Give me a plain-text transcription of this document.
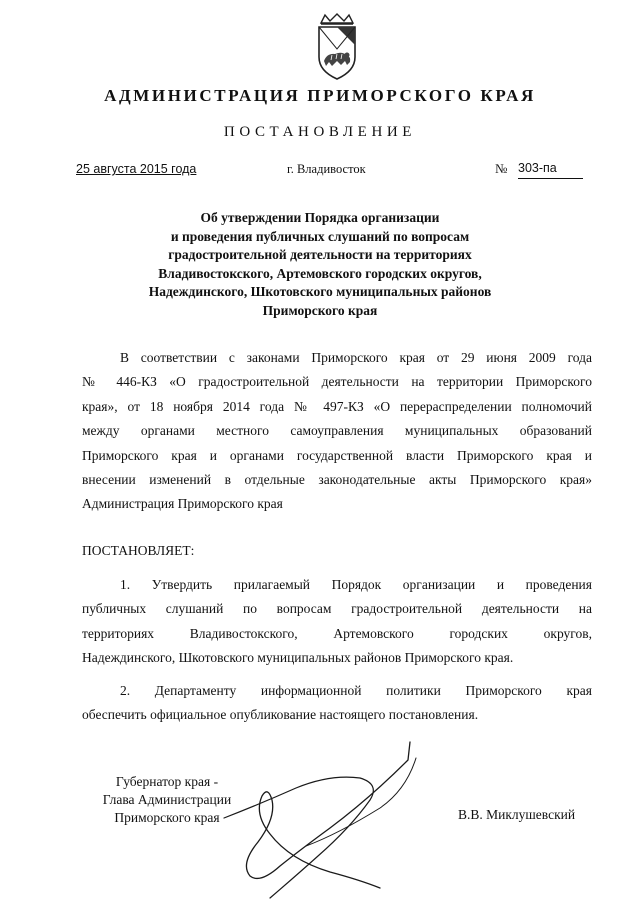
АДМИНИСТРАЦИЯ ПРИМОРСКОГО КРАЯ
ПОСТАНОВЛЕНИЕ
25 августа 2015 года	г. Владивосток	№ 303-па
Об утверждении Порядка организации
и проведения публичных слушаний по вопросам
градостроительной деятельности на территориях
Владивостокского, Артемовского городских округов,
Надеждинского, Шкотовского муниципальных районов
Приморского края
В соответствии с законами Приморского края от 29 июня 2009 года
№ 446-КЗ «О градостроительной деятельности на территории Приморского
края», от 18 ноября 2014 года № 497-КЗ «О перераспределении полномочий
между органами местного самоуправления муниципальных образований
Приморского края и органами государственной власти Приморского края и
внесении изменений в отдельные законодательные акты Приморского края»
Администрация Приморского края
ПОСТАНОВЛЯЕТ:
1. Утвердить прилагаемый Порядок организации и проведения
публичных слушаний по вопросам градостроительной деятельности на
территориях Владивостокского, Артемовского городских округов,
Надеждинского, Шкотовского муниципальных районов Приморского края.
2. Департаменту информационной политики Приморского края
обеспечить официальное опубликование настоящего постановления.
Губернатор края -
Глава Администрации
Приморского края	В.В. Миклушевский
